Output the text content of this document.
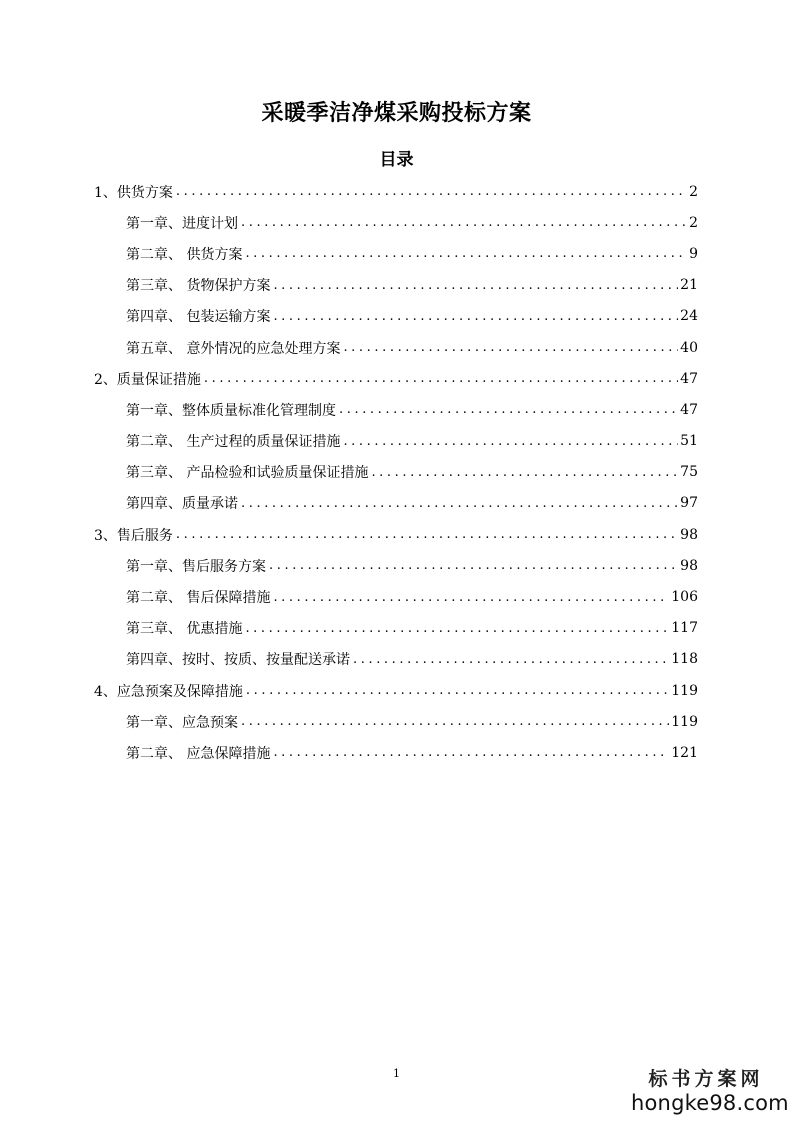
采暖季洁净煤采购投标方案
目录
1、供货方案 .....	2
第一章、进度计划 .....	2
第二章、 供货方案 .....	9
第三章、 货物保护方案 .....	21
第四章、 包装运输方案 .....	24
第五章、 意外情况的应急处理方案 .....	40
2、质量保证措施 .....	47
第一章、整体质量标准化管理制度 .....	47
第二章、 生产过程的质量保证措施 .....	51
第三章、 产品检验和试验质量保证措施 .....	75
第四章、质量承诺 .....	97
3、售后服务 .....	98
第一章、售后服务方案 .....	98
第二章、 售后保障措施 .....	106
第三章、 优惠措施 .....	117
第四章、按时、按质、按量配送承诺 .....	118
4、应急预案及保障措施 .....	119
第一章、应急预案 .....	119
第二章、 应急保障措施 .....	121
1	标书方案网
hongke98.com
